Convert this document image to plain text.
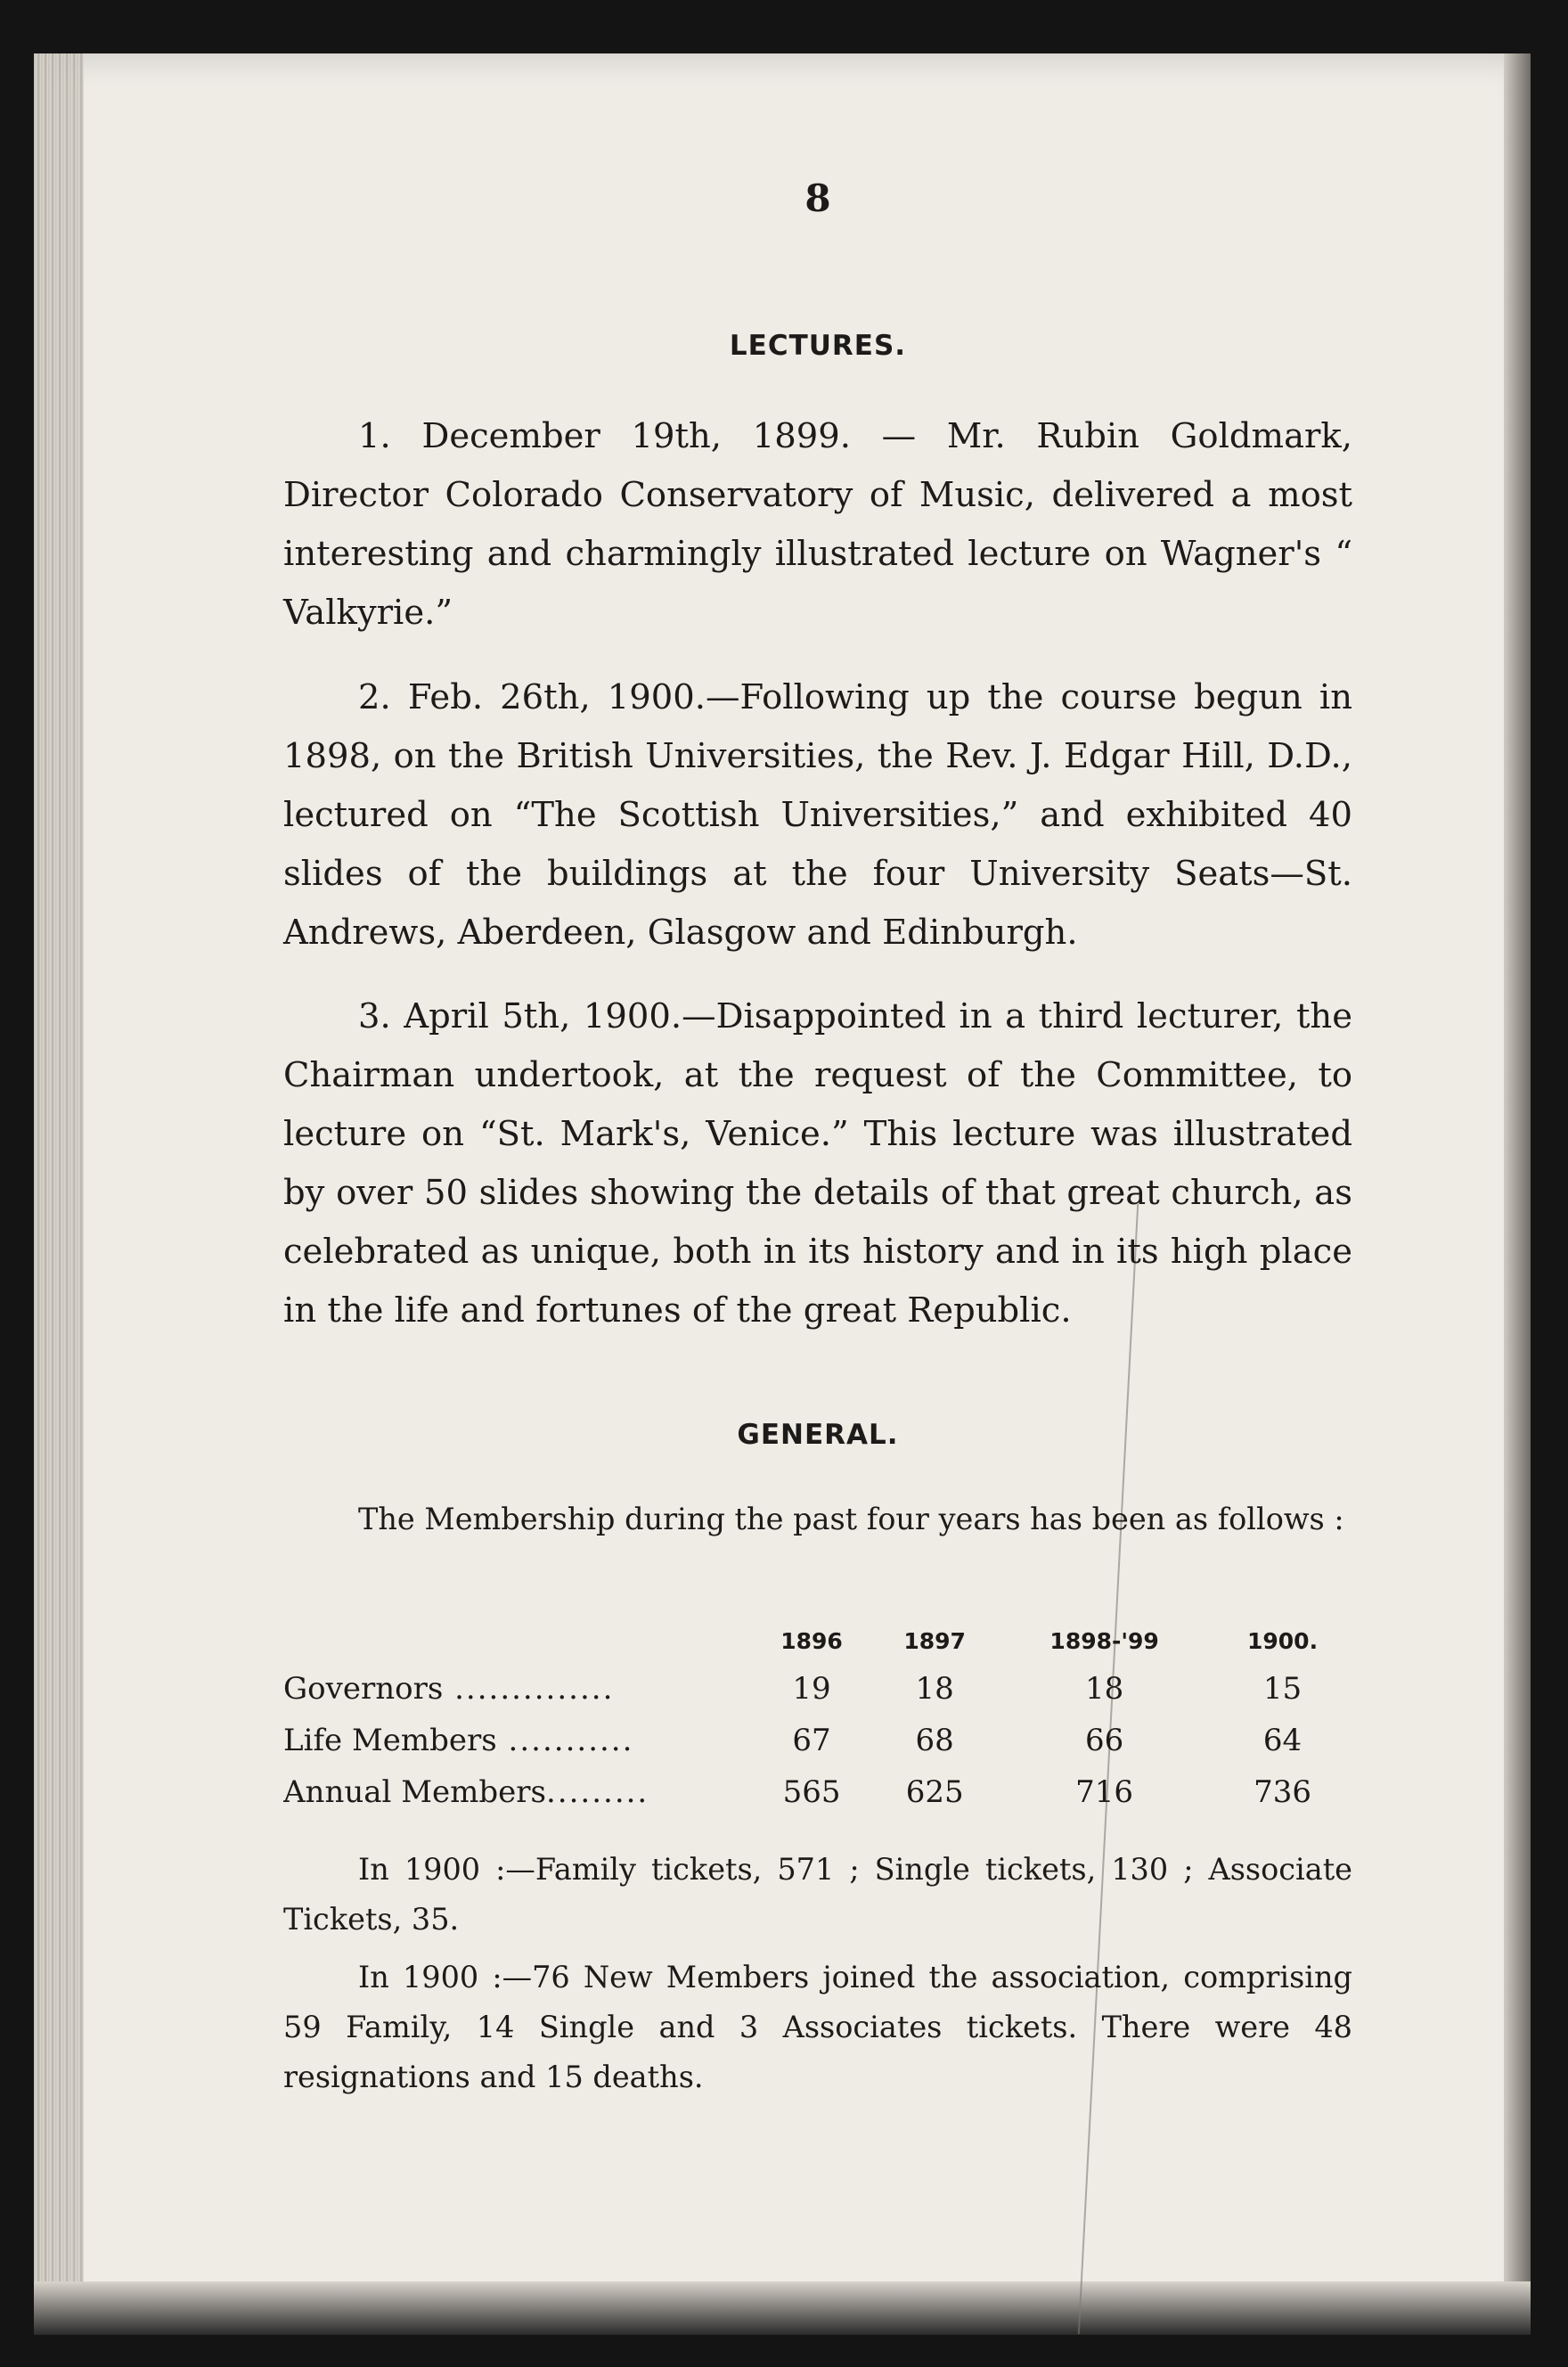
8
LECTURES.

1. December 19th, 1899. — Mr. Rubin Goldmark, Director Colorado Conservatory of Music, delivered a most interesting and charmingly illustrated lecture on Wagner's “ Valkyrie.”

2. Feb. 26th, 1900.—Following up the course begun in 1898, on the British Universities, the Rev. J. Edgar Hill, D.D., lectured on “The Scottish Universities,” and exhibited 40 slides of the buildings at the four University Seats—St. Andrews, Aberdeen, Glasgow and Edinburgh.

3. April 5th, 1900.—Disappointed in a third lecturer, the Chairman undertook, at the request of the Committee, to lecture on “St. Mark's, Venice.” This lecture was illustrated by over 50 slides showing the details of that great church, as celebrated as unique, both in its history and in its high place in the life and fortunes of the great Republic.

GENERAL.

The Membership during the past four years has been as follows :

	1896	1897	1898-'99	1900.
Governors ..............	19	18	18	15
Life Members ...........	67	68	66	64
Annual Members.........	565	625	716	736

In 1900 :—Family tickets, 571 ; Single tickets, 130 ; Associate Tickets, 35.

In 1900 :—76 New Members joined the association, comprising 59 Family, 14 Single and 3 Associates tickets. There were 48 resignations and 15 deaths.
